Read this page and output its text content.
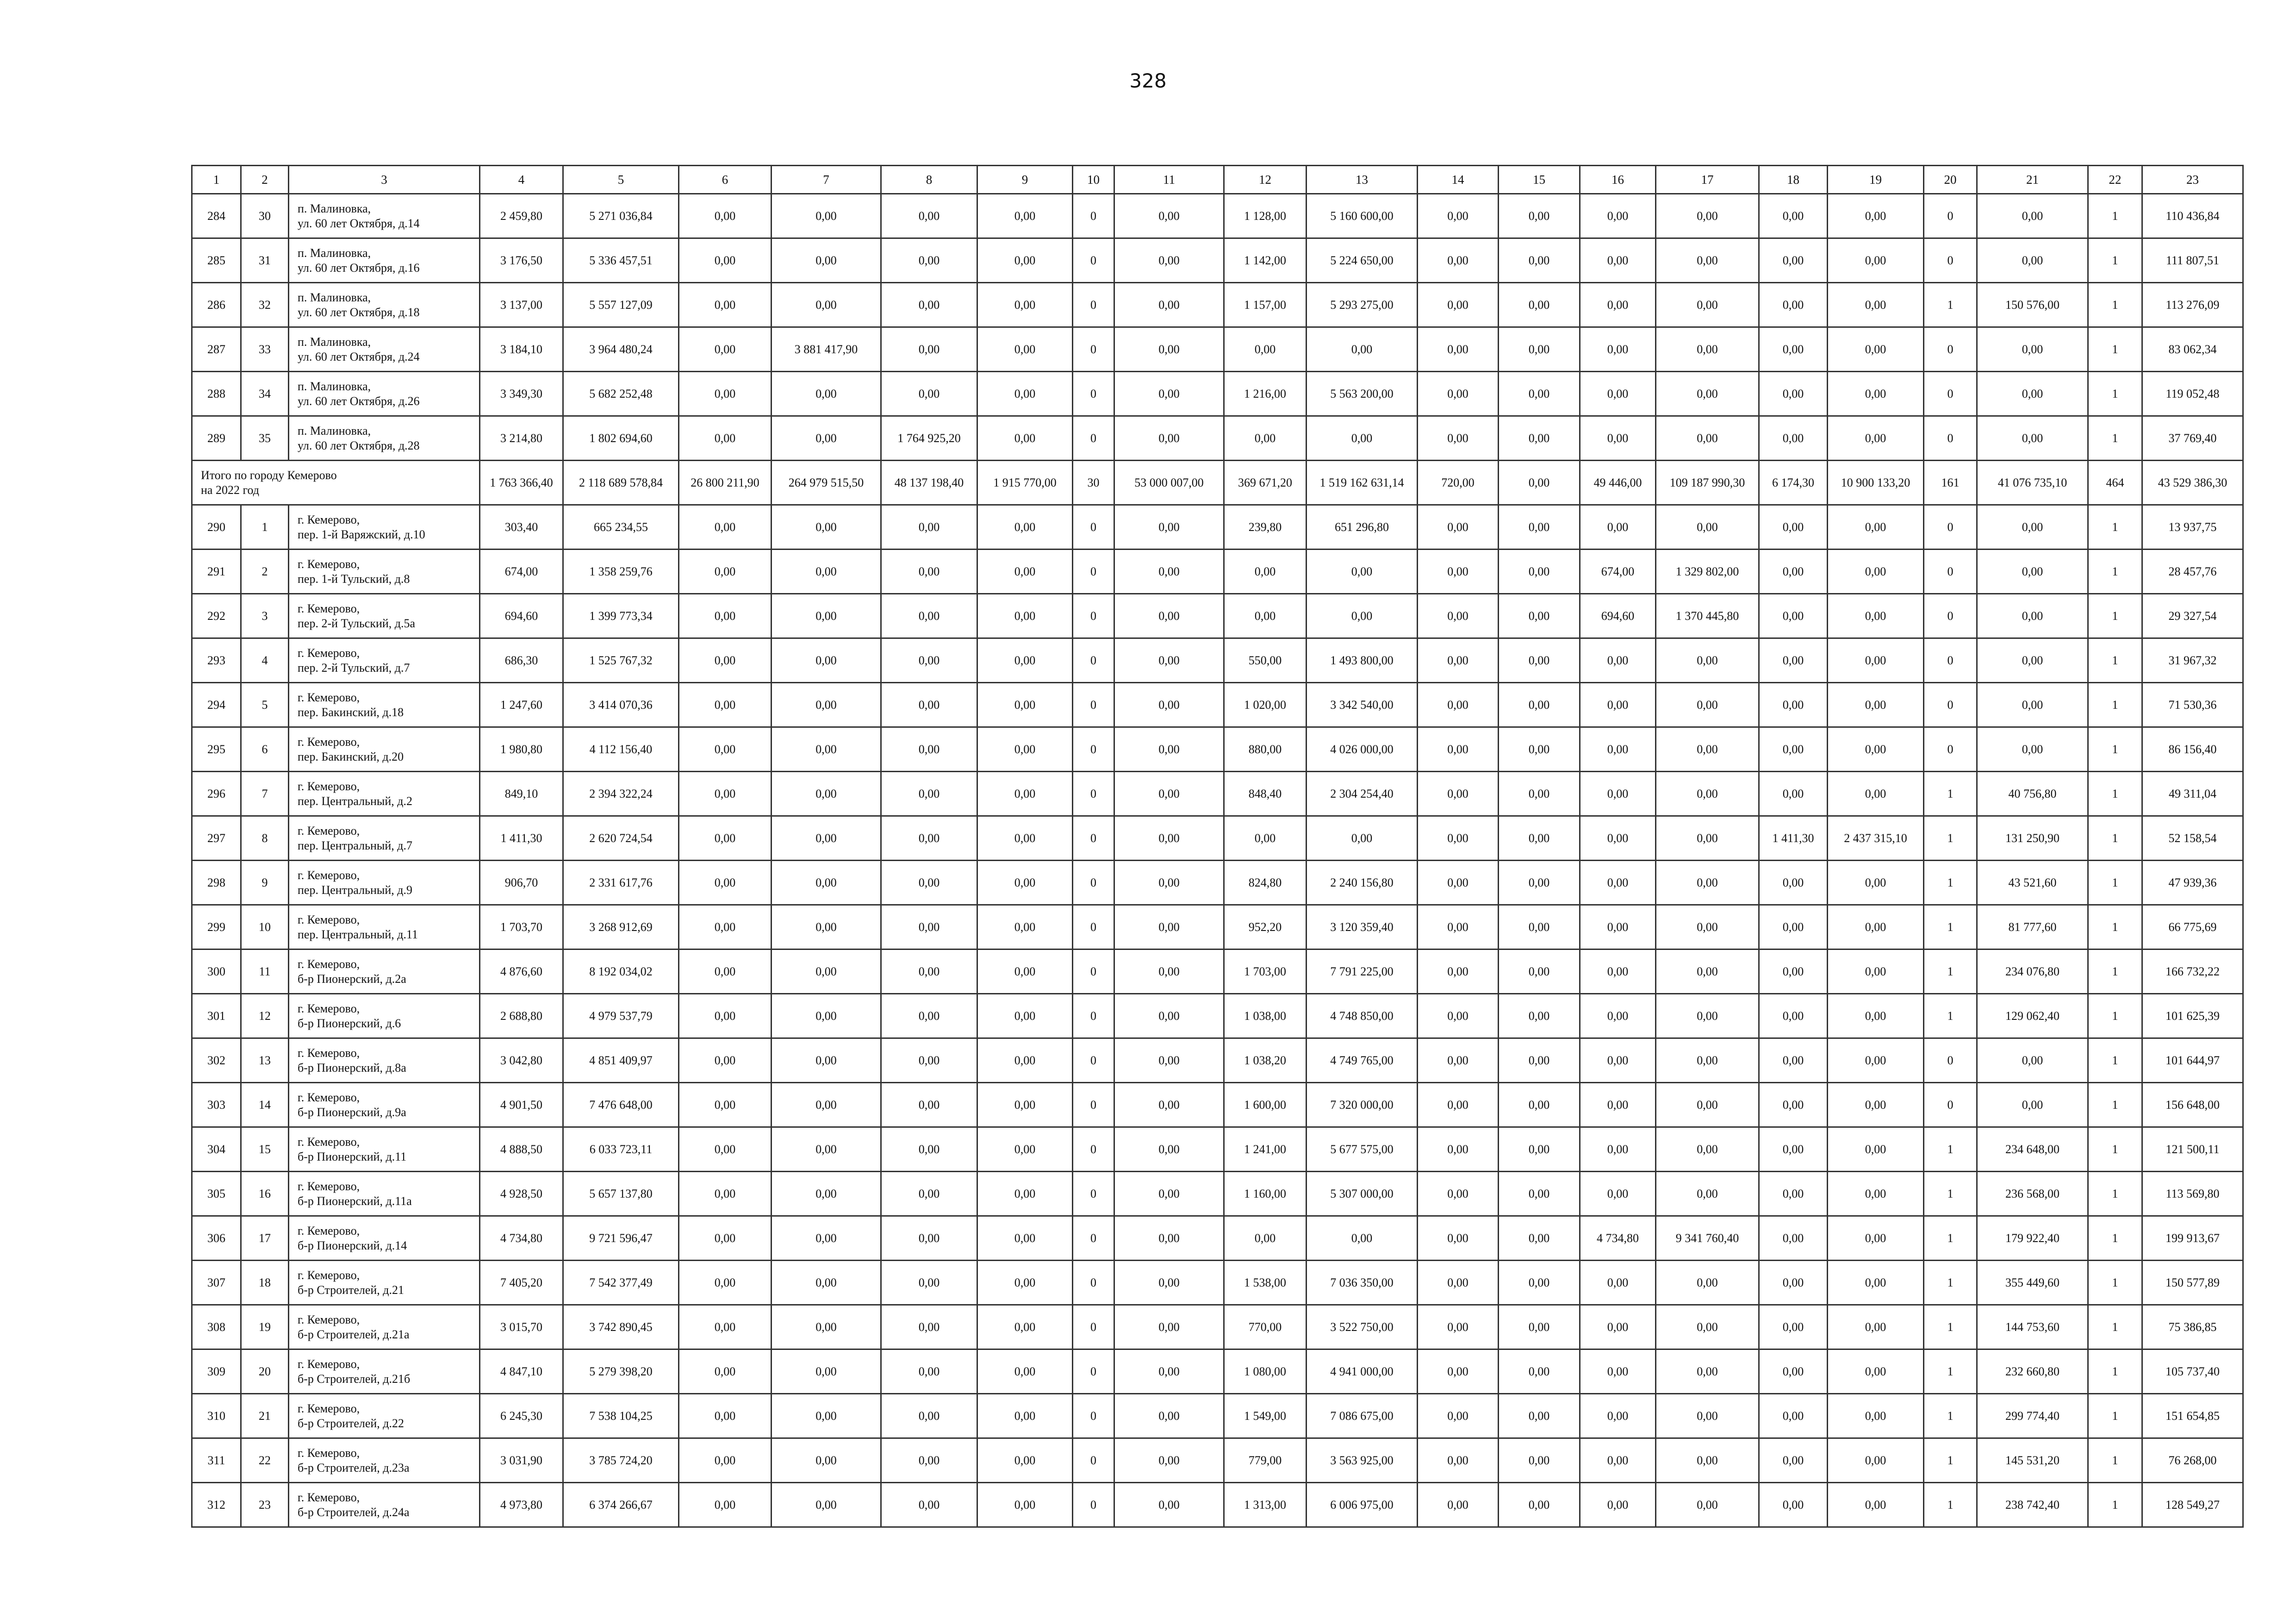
328
1	2	3	4	5	6	7	8	9	10	11	12	13	14	15	16	17	18	19	20	21	22	23
284	30	п. Малиновка,
ул. 60 лет Октября, д.14	2 459,80	5 271 036,84	0,00	0,00	0,00	0,00	0	0,00	1 128,00	5 160 600,00	0,00	0,00	0,00	0,00	0,00	0,00	0	0,00	1	110 436,84
285	31	п. Малиновка,
ул. 60 лет Октября, д.16	3 176,50	5 336 457,51	0,00	0,00	0,00	0,00	0	0,00	1 142,00	5 224 650,00	0,00	0,00	0,00	0,00	0,00	0,00	0	0,00	1	111 807,51
286	32	п. Малиновка,
ул. 60 лет Октября, д.18	3 137,00	5 557 127,09	0,00	0,00	0,00	0,00	0	0,00	1 157,00	5 293 275,00	0,00	0,00	0,00	0,00	0,00	0,00	1	150 576,00	1	113 276,09
287	33	п. Малиновка,
ул. 60 лет Октября, д.24	3 184,10	3 964 480,24	0,00	3 881 417,90	0,00	0,00	0	0,00	0,00	0,00	0,00	0,00	0,00	0,00	0,00	0,00	0	0,00	1	83 062,34
288	34	п. Малиновка,
ул. 60 лет Октября, д.26	3 349,30	5 682 252,48	0,00	0,00	0,00	0,00	0	0,00	1 216,00	5 563 200,00	0,00	0,00	0,00	0,00	0,00	0,00	0	0,00	1	119 052,48
289	35	п. Малиновка,
ул. 60 лет Октября, д.28	3 214,80	1 802 694,60	0,00	0,00	1 764 925,20	0,00	0	0,00	0,00	0,00	0,00	0,00	0,00	0,00	0,00	0,00	0	0,00	1	37 769,40

Итого по городу Кемерово
на 2022 год			1 763 366,40	2 118 689 578,84	26 800 211,90	264 979 515,50	48 137 198,40	1 915 770,00	30	53 000 007,00	369 671,20	1 519 162 631,14	720,00	0,00	49 446,00	109 187 990,30	6 174,30	10 900 133,20	161	41 076 735,10	464	43 529 386,30
290	1	г. Кемерово,
пер. 1-й Варяжский, д.10	303,40	665 234,55	0,00	0,00	0,00	0,00	0	0,00	239,80	651 296,80	0,00	0,00	0,00	0,00	0,00	0,00	0	0,00	1	13 937,75
291	2	г. Кемерово,
пер. 1-й Тульский, д.8	674,00	1 358 259,76	0,00	0,00	0,00	0,00	0	0,00	0,00	0,00	0,00	0,00	674,00	1 329 802,00	0,00	0,00	0	0,00	1	28 457,76
292	3	г. Кемерово,
пер. 2-й Тульский, д.5а	694,60	1 399 773,34	0,00	0,00	0,00	0,00	0	0,00	0,00	0,00	0,00	0,00	694,60	1 370 445,80	0,00	0,00	0	0,00	1	29 327,54
293	4	г. Кемерово,
пер. 2-й Тульский, д.7	686,30	1 525 767,32	0,00	0,00	0,00	0,00	0	0,00	550,00	1 493 800,00	0,00	0,00	0,00	0,00	0,00	0,00	0	0,00	1	31 967,32
294	5	г. Кемерово,
пер. Бакинский, д.18	1 247,60	3 414 070,36	0,00	0,00	0,00	0,00	0	0,00	1 020,00	3 342 540,00	0,00	0,00	0,00	0,00	0,00	0,00	0	0,00	1	71 530,36
295	6	г. Кемерово,
пер. Бакинский, д.20	1 980,80	4 112 156,40	0,00	0,00	0,00	0,00	0	0,00	880,00	4 026 000,00	0,00	0,00	0,00	0,00	0,00	0,00	0	0,00	1	86 156,40
296	7	г. Кемерово,
пер. Центральный, д.2	849,10	2 394 322,24	0,00	0,00	0,00	0,00	0	0,00	848,40	2 304 254,40	0,00	0,00	0,00	0,00	0,00	0,00	1	40 756,80	1	49 311,04
297	8	г. Кемерово,
пер. Центральный, д.7	1 411,30	2 620 724,54	0,00	0,00	0,00	0,00	0	0,00	0,00	0,00	0,00	0,00	0,00	0,00	1 411,30	2 437 315,10	1	131 250,90	1	52 158,54
298	9	г. Кемерово,
пер. Центральный, д.9	906,70	2 331 617,76	0,00	0,00	0,00	0,00	0	0,00	824,80	2 240 156,80	0,00	0,00	0,00	0,00	0,00	0,00	1	43 521,60	1	47 939,36
299	10	г. Кемерово,
пер. Центральный, д.11	1 703,70	3 268 912,69	0,00	0,00	0,00	0,00	0	0,00	952,20	3 120 359,40	0,00	0,00	0,00	0,00	0,00	0,00	1	81 777,60	1	66 775,69
300	11	г. Кемерово,
б-р Пионерский, д.2а	4 876,60	8 192 034,02	0,00	0,00	0,00	0,00	0	0,00	1 703,00	7 791 225,00	0,00	0,00	0,00	0,00	0,00	0,00	1	234 076,80	1	166 732,22
301	12	г. Кемерово,
б-р Пионерский, д.6	2 688,80	4 979 537,79	0,00	0,00	0,00	0,00	0	0,00	1 038,00	4 748 850,00	0,00	0,00	0,00	0,00	0,00	0,00	1	129 062,40	1	101 625,39
302	13	г. Кемерово,
б-р Пионерский, д.8а	3 042,80	4 851 409,97	0,00	0,00	0,00	0,00	0	0,00	1 038,20	4 749 765,00	0,00	0,00	0,00	0,00	0,00	0,00	0	0,00	1	101 644,97
303	14	г. Кемерово,
б-р Пионерский, д.9а	4 901,50	7 476 648,00	0,00	0,00	0,00	0,00	0	0,00	1 600,00	7 320 000,00	0,00	0,00	0,00	0,00	0,00	0,00	0	0,00	1	156 648,00
304	15	г. Кемерово,
б-р Пионерский, д.11	4 888,50	6 033 723,11	0,00	0,00	0,00	0,00	0	0,00	1 241,00	5 677 575,00	0,00	0,00	0,00	0,00	0,00	0,00	1	234 648,00	1	121 500,11
305	16	г. Кемерово,
б-р Пионерский, д.11а	4 928,50	5 657 137,80	0,00	0,00	0,00	0,00	0	0,00	1 160,00	5 307 000,00	0,00	0,00	0,00	0,00	0,00	0,00	1	236 568,00	1	113 569,80
306	17	г. Кемерово,
б-р Пионерский, д.14	4 734,80	9 721 596,47	0,00	0,00	0,00	0,00	0	0,00	0,00	0,00	0,00	0,00	4 734,80	9 341 760,40	0,00	0,00	1	179 922,40	1	199 913,67
307	18	г. Кемерово,
б-р Строителей, д.21	7 405,20	7 542 377,49	0,00	0,00	0,00	0,00	0	0,00	1 538,00	7 036 350,00	0,00	0,00	0,00	0,00	0,00	0,00	1	355 449,60	1	150 577,89
308	19	г. Кемерово,
б-р Строителей, д.21а	3 015,70	3 742 890,45	0,00	0,00	0,00	0,00	0	0,00	770,00	3 522 750,00	0,00	0,00	0,00	0,00	0,00	0,00	1	144 753,60	1	75 386,85
309	20	г. Кемерово,
б-р Строителей, д.21б	4 847,10	5 279 398,20	0,00	0,00	0,00	0,00	0	0,00	1 080,00	4 941 000,00	0,00	0,00	0,00	0,00	0,00	0,00	1	232 660,80	1	105 737,40
310	21	г. Кемерово,
б-р Строителей, д.22	6 245,30	7 538 104,25	0,00	0,00	0,00	0,00	0	0,00	1 549,00	7 086 675,00	0,00	0,00	0,00	0,00	0,00	0,00	1	299 774,40	1	151 654,85
311	22	г. Кемерово,
б-р Строителей, д.23а	3 031,90	3 785 724,20	0,00	0,00	0,00	0,00	0	0,00	779,00	3 563 925,00	0,00	0,00	0,00	0,00	0,00	0,00	1	145 531,20	1	76 268,00
312	23	г. Кемерово,
б-р Строителей, д.24а	4 973,80	6 374 266,67	0,00	0,00	0,00	0,00	0	0,00	1 313,00	6 006 975,00	0,00	0,00	0,00	0,00	0,00	0,00	1	238 742,40	1	128 549,27
